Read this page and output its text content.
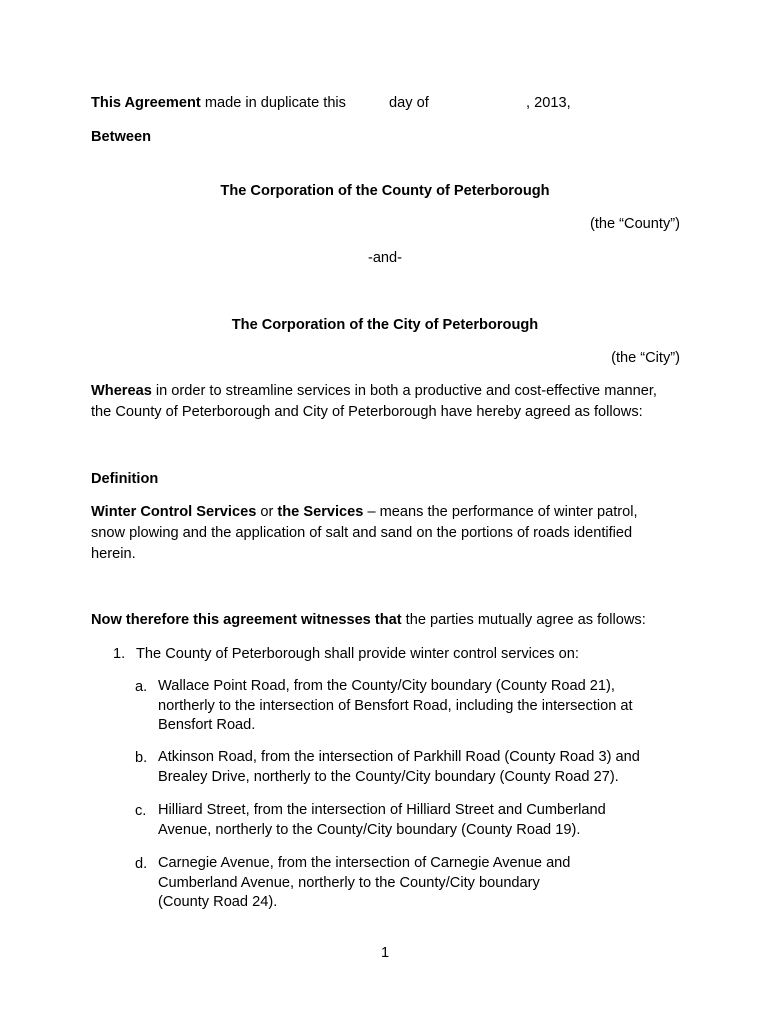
This Agreement made in duplicate this	day of	, 2013,
Between
The Corporation of the County of Peterborough
(the “County”)
-and-
The Corporation of the City of Peterborough
(the “City”)
Whereas in order to streamline services in both a productive and cost-effective manner,
the County of Peterborough and City of Peterborough have hereby agreed as follows:
Definition
Winter Control Services or the Services – means the performance of winter patrol,
snow plowing and the application of salt and sand on the portions of roads identified
herein.
Now therefore this agreement witnesses that the parties mutually agree as follows:
1. The County of Peterborough shall provide winter control services on:
a. Wallace Point Road, from the County/City boundary (County Road 21),
northerly to the intersection of Bensfort Road, including the intersection at
Bensfort Road.
b. Atkinson Road, from the intersection of Parkhill Road (County Road 3) and
Brealey Drive, northerly to the County/City boundary (County Road 27).
c. Hilliard Street, from the intersection of Hilliard Street and Cumberland
Avenue, northerly to the County/City boundary (County Road 19).
d. Carnegie Avenue, from the intersection of Carnegie Avenue and
Cumberland Avenue, northerly to the County/City boundary
(County Road 24).
1
